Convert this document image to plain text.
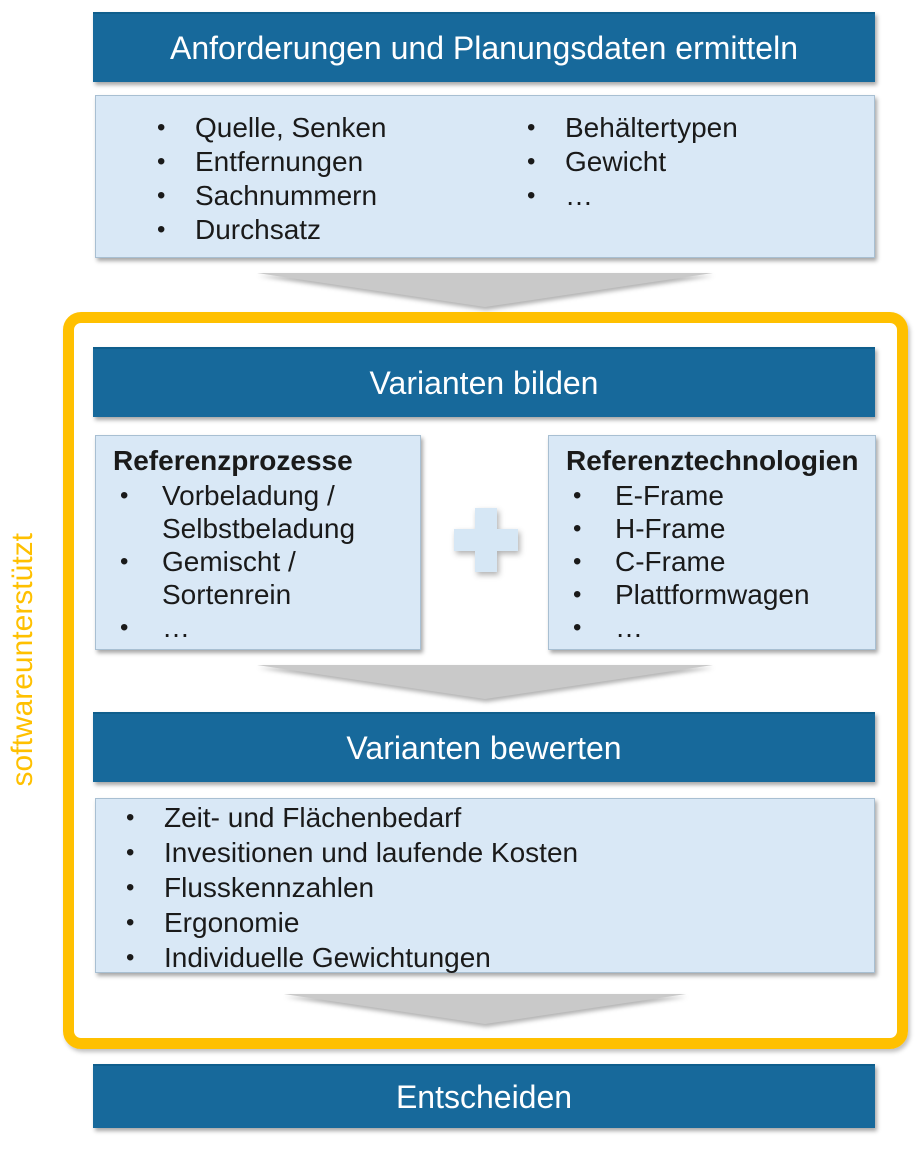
softwareunterstützt
Anforderungen und Planungsdaten ermitteln
• Quelle, Senken
• Entfernungen
• Sachnummern
• Durchsatz
• Behältertypen
• Gewicht
• …
Varianten bilden
Referenzprozesse
• Vorbeladung / Selbstbeladung
• Gemischt / Sortenrein
• …
Referenztechnologien
• E-Frame
• H-Frame
• C-Frame
• Plattformwagen
• …
Varianten bewerten
• Zeit- und Flächenbedarf
• Invesitionen und laufende Kosten
• Flusskennzahlen
• Ergonomie
• Individuelle Gewichtungen
Entscheiden
